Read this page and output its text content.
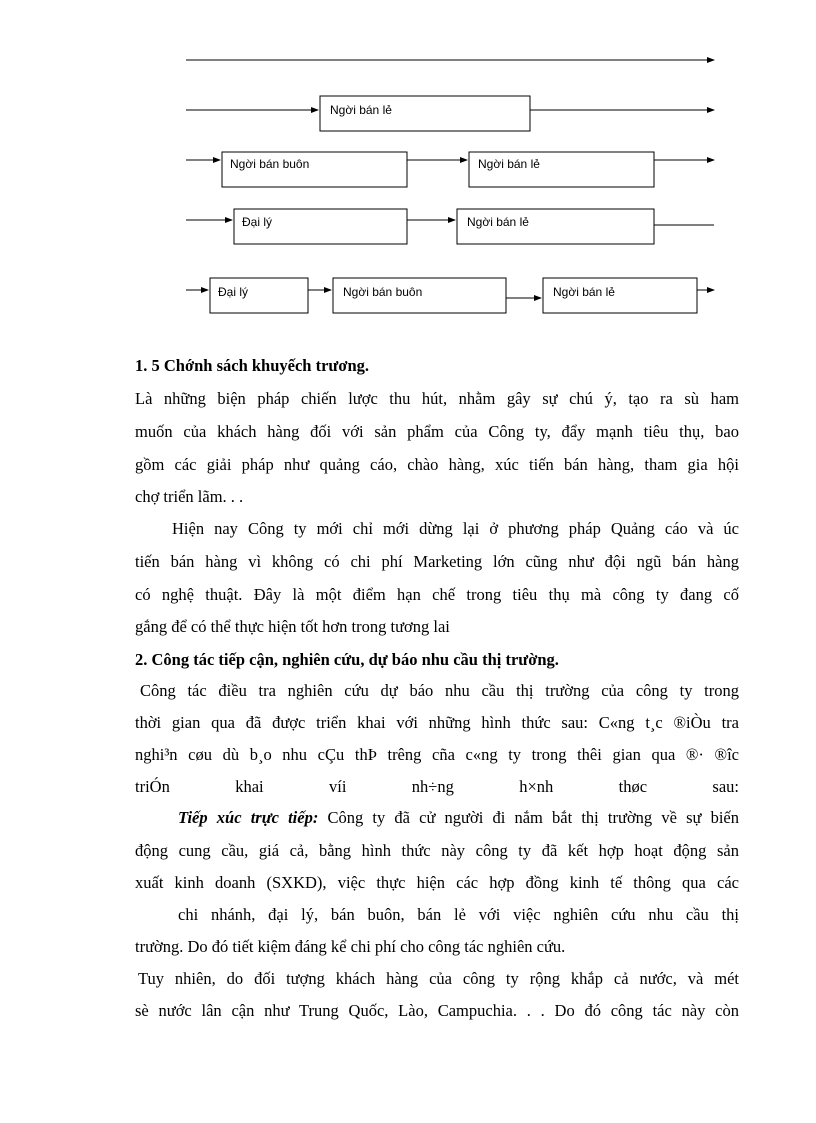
Ngời bán lẻ
Ngời bán buôn	Ngời bán lẻ
Đại lý	Ngời bán lẻ
Đại lý	Ngời bán buôn	Ngời bán lẻ
1. 5 Chớnh sách khuyếch trương.
Là những biện pháp chiến lược thu hút, nhằm gây sự chú ý, tạo ra sù ham
muốn của khách hàng đối với sản phẩm của Công ty, đẩy mạnh tiêu thụ, bao
gồm các giải pháp như quảng cáo, chào hàng, xúc tiến bán hàng, tham gia hội
chợ triển lãm. . .
Hiện nay Công ty mới chỉ mới dừng lại ở phương pháp Quảng cáo và úc
tiến bán hàng vì không có chi phí Marketing lớn cũng như đội ngũ bán hàng
có nghệ thuật. Đây là một điểm hạn chế trong tiêu thụ mà công ty đang cố
gắng để có thể thực hiện tốt hơn trong tương lai
2. Công tác tiếp cận, nghiên cứu, dự báo nhu cầu thị trường.
Công tác điều tra nghiên cứu dự báo nhu cầu thị trường của công ty trong
thời gian qua đã được triển khai với những hình thức sau: C«ng t¸c ®iÒu tra
nghi³n cøu dù b¸o nhu cÇu thÞ trêng cña c«ng ty trong thêi gian qua ®· ®îc
triÓn khai víi nh÷ng h×nh thøc sau:
Tiếp xúc trực tiếp: Công ty đã cử người đi nắm bắt thị trường về sự biến
động cung cầu, giá cả, bằng hình thức này công ty đã kết hợp hoạt động sản
xuất kinh doanh (SXKD), việc thực hiện các hợp đồng kinh tế thông qua các
chi nhánh, đại lý, bán buôn, bán lẻ với việc nghiên cứu nhu cầu thị
trường. Do đó tiết kiệm đáng kể chi phí cho công tác nghiên cứu.
Tuy nhiên, do đối tượng khách hàng của công ty rộng khắp cả nước, và mét
sè nước lân cận như Trung Quốc, Lào, Campuchia. . . Do đó công tác này còn
